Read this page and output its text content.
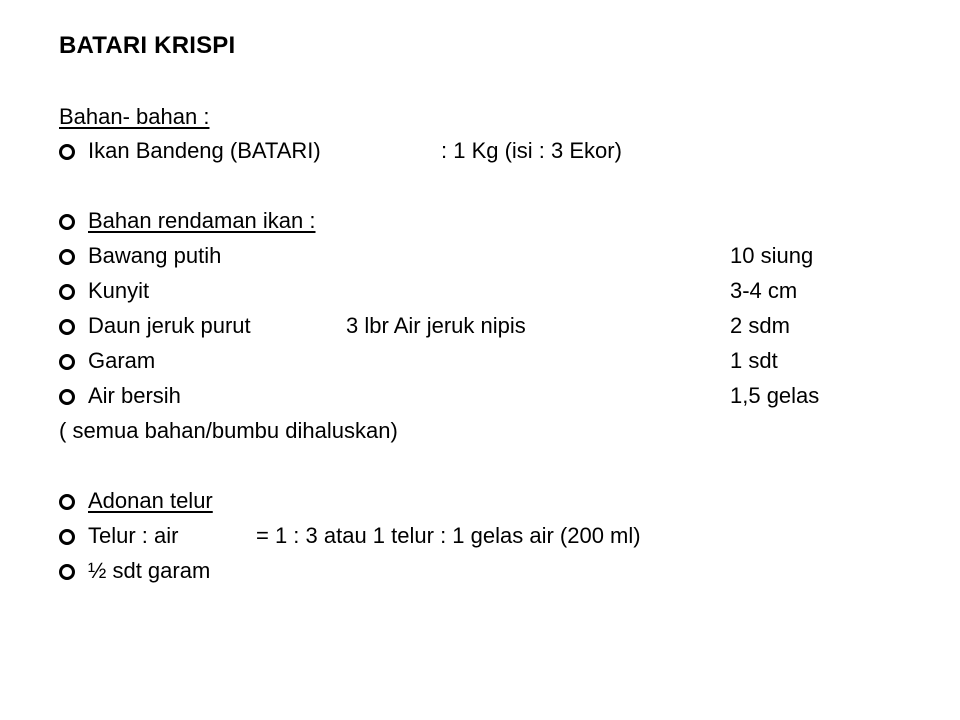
BATARI KRISPI
Bahan- bahan :
Ikan Bandeng (BATARI)	: 1 Kg (isi : 3 Ekor)
Bahan rendaman ikan :
Bawang putih	10 siung
Kunyit	3-4 cm
Daun jeruk purut	3 lbr Air jeruk nipis	2 sdm
Garam	1 sdt
Air bersih	1,5 gelas
( semua bahan/bumbu dihaluskan)
Adonan telur
Telur : air	= 1 : 3 atau 1 telur : 1 gelas air (200 ml)
½ sdt garam
